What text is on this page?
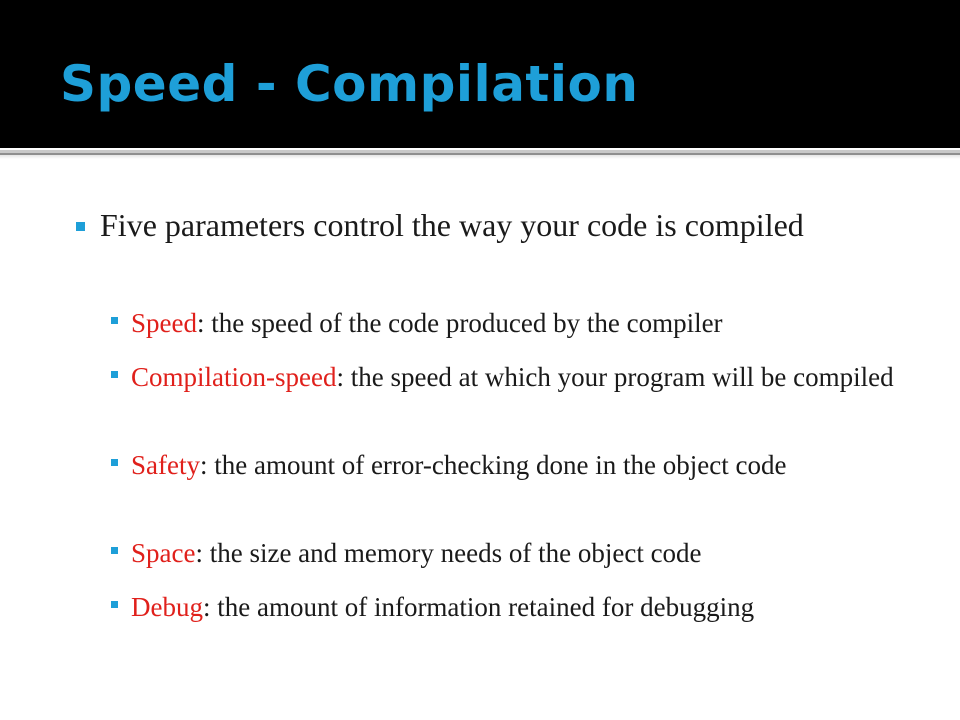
Speed - Compilation

Five parameters control the way your code is compiled

Speed: the speed of the code produced by the compiler

Compilation-speed: the speed at which your program will be compiled

Safety: the amount of error-checking done in the object code

Space: the size and memory needs of the object code

Debug: the amount of information retained for debugging
